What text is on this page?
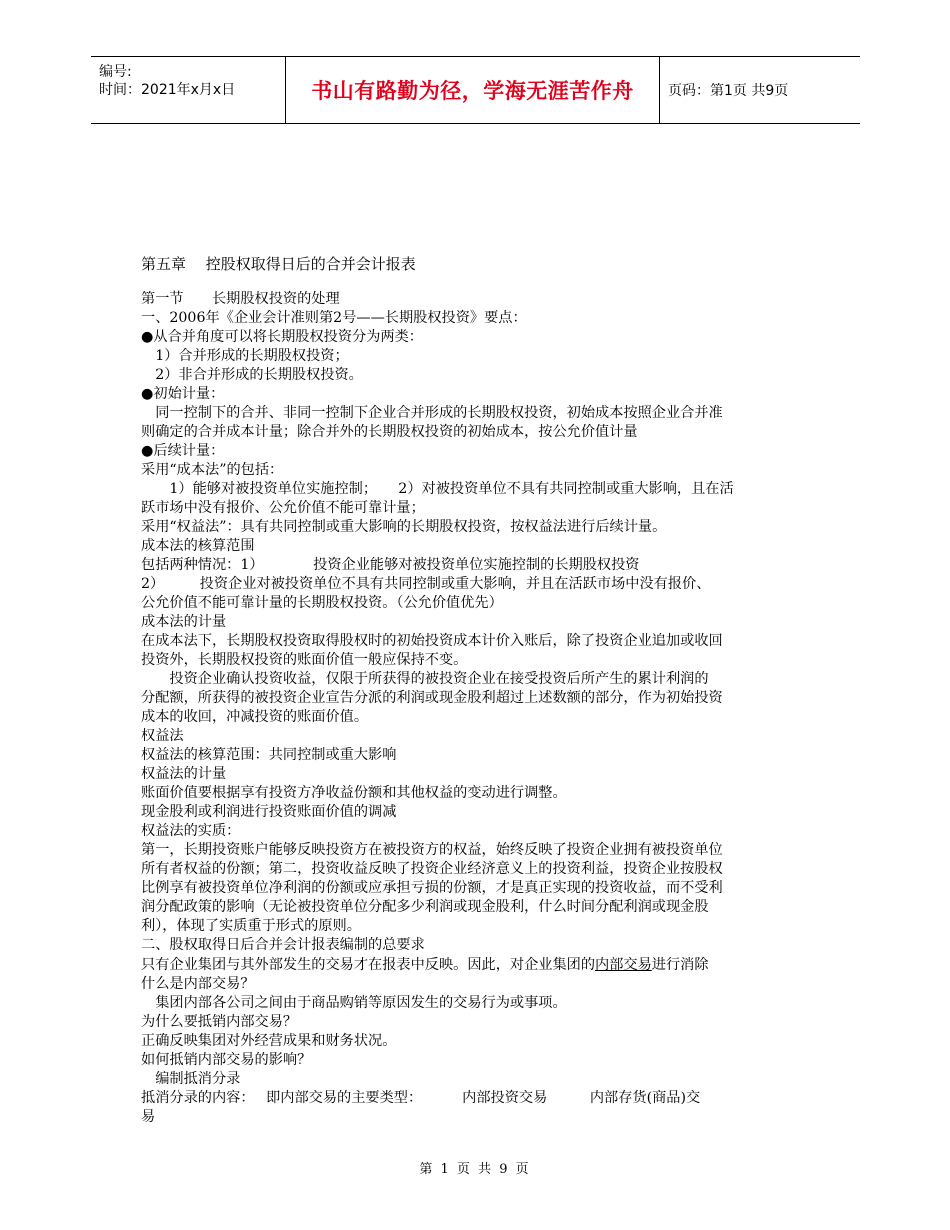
编号:
时间：2021年x月x日	书山有路勤为径，学海无涯苦作舟 页码：第1页 共9页
第五章　 控股权取得日后的合并会计报表
第一节　　长期股权投资的处理
一、2006年《企业会计准则第2号——长期股权投资》要点：
●从合并角度可以将长期股权投资分为两类：
　1）合并形成的长期股权投资；
　2）非合并形成的长期股权投资。
●初始计量：
　同一控制下的合并、非同一控制下企业合并形成的长期股权投资，初始成本按照企业合并准
则确定的合并成本计量；除合并外的长期股权投资的初始成本，按公允价值计量
●后续计量：
采用“成本法”的包括：
　　1）能够对被投资单位实施控制；　　2）对被投资单位不具有共同控制或重大影响，且在活
跃市场中没有报价、公允价值不能可靠计量；
采用“权益法”：具有共同控制或重大影响的长期股权投资，按权益法进行后续计量。
成本法的核算范围
包括两种情况：1）　　　　投资企业能够对被投资单位实施控制的长期股权投资
2）　　　投资企业对被投资单位不具有共同控制或重大影响，并且在活跃市场中没有报价、
公允价值不能可靠计量的长期股权投资。（公允价值优先）
成本法的计量
在成本法下，长期股权投资取得股权时的初始投资成本计价入账后，除了投资企业追加或收回
投资外，长期股权投资的账面价值一般应保持不变。
　　投资企业确认投资收益，仅限于所获得的被投资企业在接受投资后所产生的累计利润的
分配额，所获得的被投资企业宣告分派的利润或现金股利超过上述数额的部分，作为初始投资
成本的收回，冲减投资的账面价值。
权益法
权益法的核算范围：共同控制或重大影响
权益法的计量
账面价值要根据享有投资方净收益份额和其他权益的变动进行调整。
现金股利或利润进行投资账面价值的调减
权益法的实质：
第一，长期投资账户能够反映投资方在被投资方的权益，始终反映了投资企业拥有被投资单位
所有者权益的份额；第二，投资收益反映了投资企业经济意义上的投资利益，投资企业按股权
比例享有被投资单位净利润的份额或应承担亏损的份额，才是真正实现的投资收益，而不受利
润分配政策的影响（无论被投资单位分配多少利润或现金股利，什么时间分配利润或现金股
利），体现了实质重于形式的原则。
二、股权取得日后合并会计报表编制的总要求
只有企业集团与其外部发生的交易才在报表中反映。因此，对企业集团的内部交易进行消除
什么是内部交易？
　集团内部各公司之间由于商品购销等原因发生的交易行为或事项。
为什么要抵销内部交易？
正确反映集团对外经营成果和财务状况。
如何抵销内部交易的影响？
　编制抵消分录
抵消分录的内容：　 即内部交易的主要类型：　　　 内部投资交易　　　内部存货(商品)交
易
第 1 页 共 9 页
